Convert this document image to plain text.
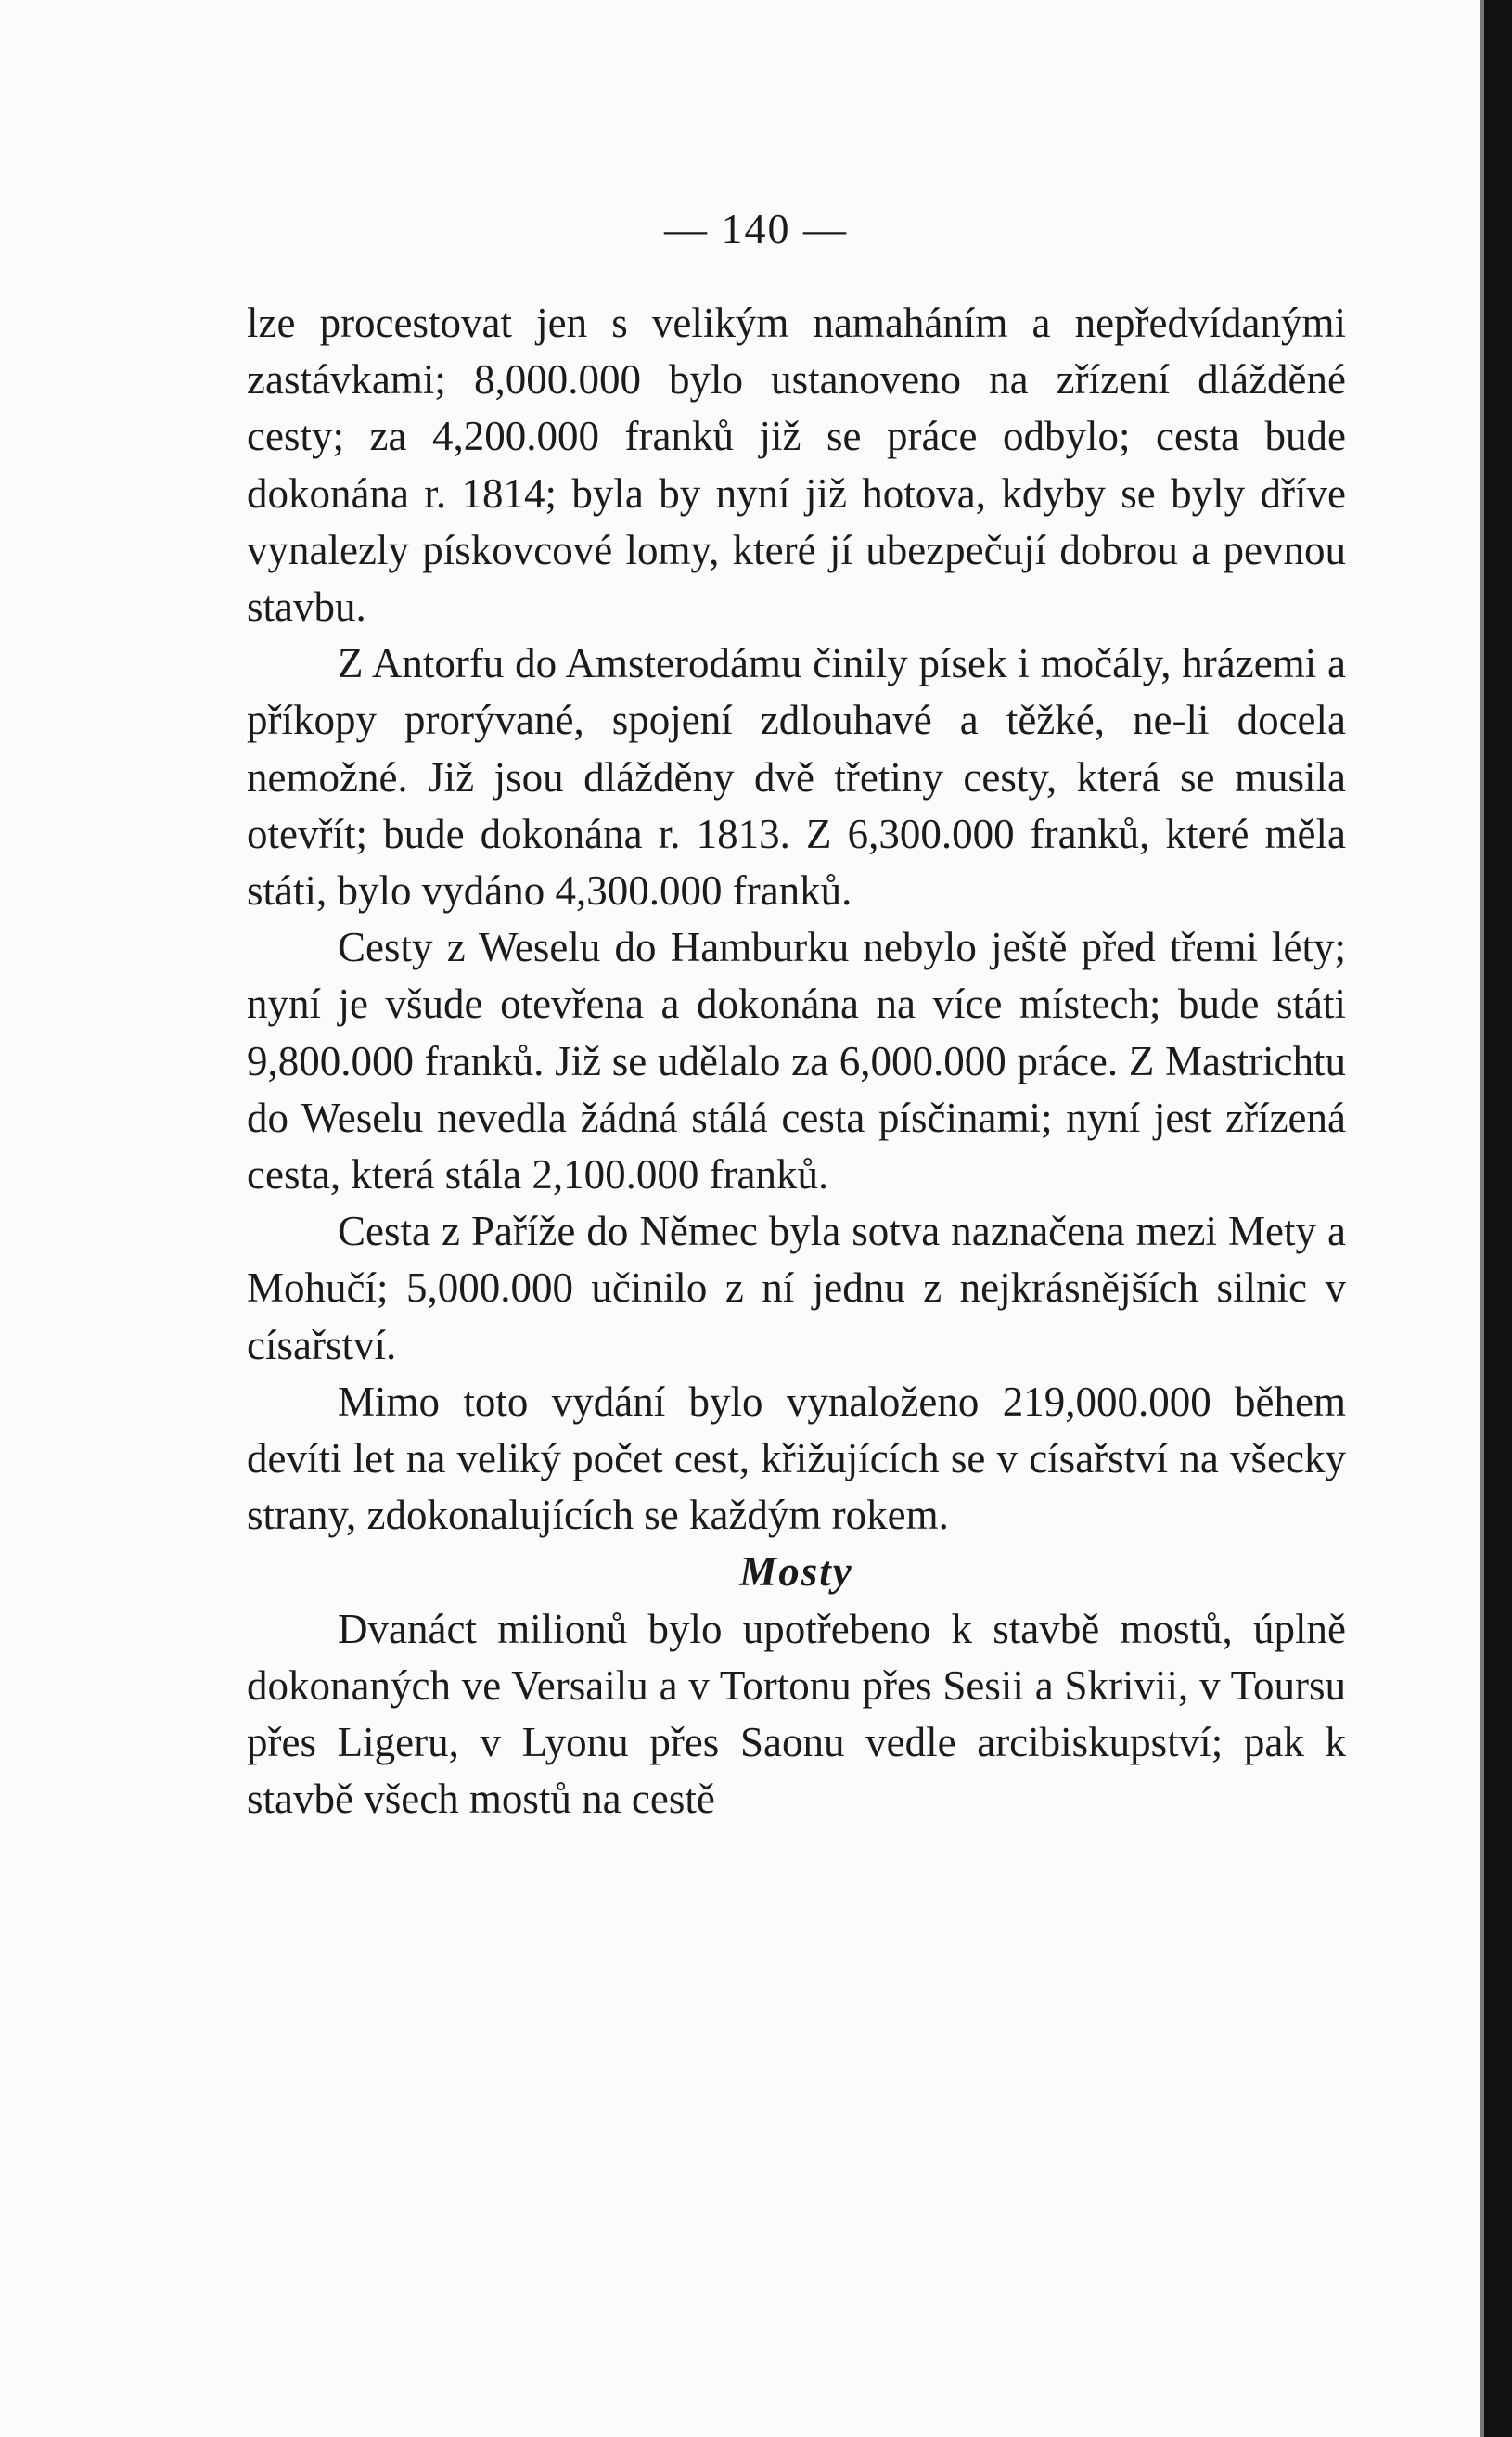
— 140 —

lze procestovat jen s velikým namaháním a nepředvídanými zastávkami; 8,000.000 bylo ustanoveno na zřízení dlážděné cesty; za 4,200.000 franků již se práce odbylo; cesta bude dokonána r. 1814; byla by nyní již hotova, kdyby se byly dříve vynalezly pískovcové lomy, které jí ubezpečují dobrou a pevnou stavbu.

Z Antorfu do Amsterodámu činily písek i močály, hrázemi a příkopy prorývané, spojení zdlouhavé a těžké, ne-li docela nemožné. Již jsou dlážděny dvě třetiny cesty, která se musila otevřít; bude dokonána r. 1813. Z 6,300.000 franků, které měla státi, bylo vydáno 4,300.000 franků.

Cesty z Weselu do Hamburku nebylo ještě před třemi léty; nyní je všude otevřena a dokonána na více místech; bude státi 9,800.000 franků. Již se udělalo za 6,000.000 práce. Z Mastrichtu do Weselu nevedla žádná stálá cesta písčinami; nyní jest zřízená cesta, která stála 2,100.000 franků.

Cesta z Paříže do Němec byla sotva naznačena mezi Mety a Mohučí; 5,000.000 učinilo z ní jednu z nejkrásnějších silnic v císařství.

Mimo toto vydání bylo vynaloženo 219,000.000 během devíti let na veliký počet cest, křižujících se v císařství na všecky strany, zdokonalujících se každým rokem.

Mosty

Dvanáct milionů bylo upotřebeno k stavbě mostů, úplně dokonaných ve Versailu a v Tortonu přes Sesii a Skrivii, v Toursu přes Ligeru, v Lyonu přes Saonu vedle arcibiskupství; pak k stavbě všech mostů na cestě
